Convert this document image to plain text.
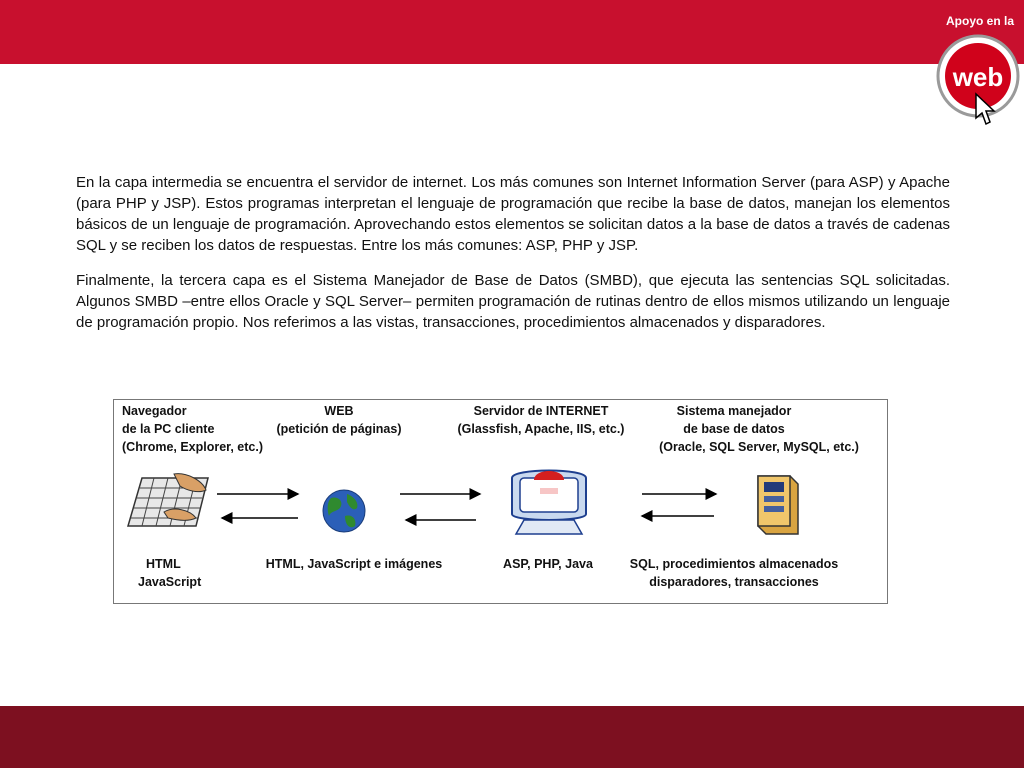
web
Apoyo en la

En la capa intermedia se encuentra el servidor de internet. Los más comunes son Internet Information Server (para ASP) y Apache (para PHP y JSP). Estos programas interpretan el lenguaje de programación que recibe la base de datos, manejan los elementos básicos de un lenguaje de programación. Aprovechando estos elementos se solicitan datos a la base de datos a través de cadenas SQL y se reciben los datos de respuestas. Entre los más comunes: ASP, PHP y JSP.

Finalmente, la tercera capa es el Sistema Manejador de Base de Datos (SMBD), que ejecuta las sentencias SQL solicitadas. Algunos SMBD –entre ellos Oracle y SQL Server– permiten programación de rutinas dentro de ellos mismos utilizando un lenguaje de programación propio. Nos referimos a las vistas, transacciones, procedimientos almacenados y disparadores.

Navegador
de la PC cliente
(Chrome, Explorer, etc.)
WEB
(petición de páginas)
Servidor de INTERNET
(Glassfish, Apache, IIS, etc.)
Sistema manejador
de base de datos
(Oracle, SQL Server, MySQL, etc.)
HTML
JavaScript
HTML, JavaScript e imágenes	ASP, PHP, Java	SQL, procedimientos almacenados
disparadores, transacciones
